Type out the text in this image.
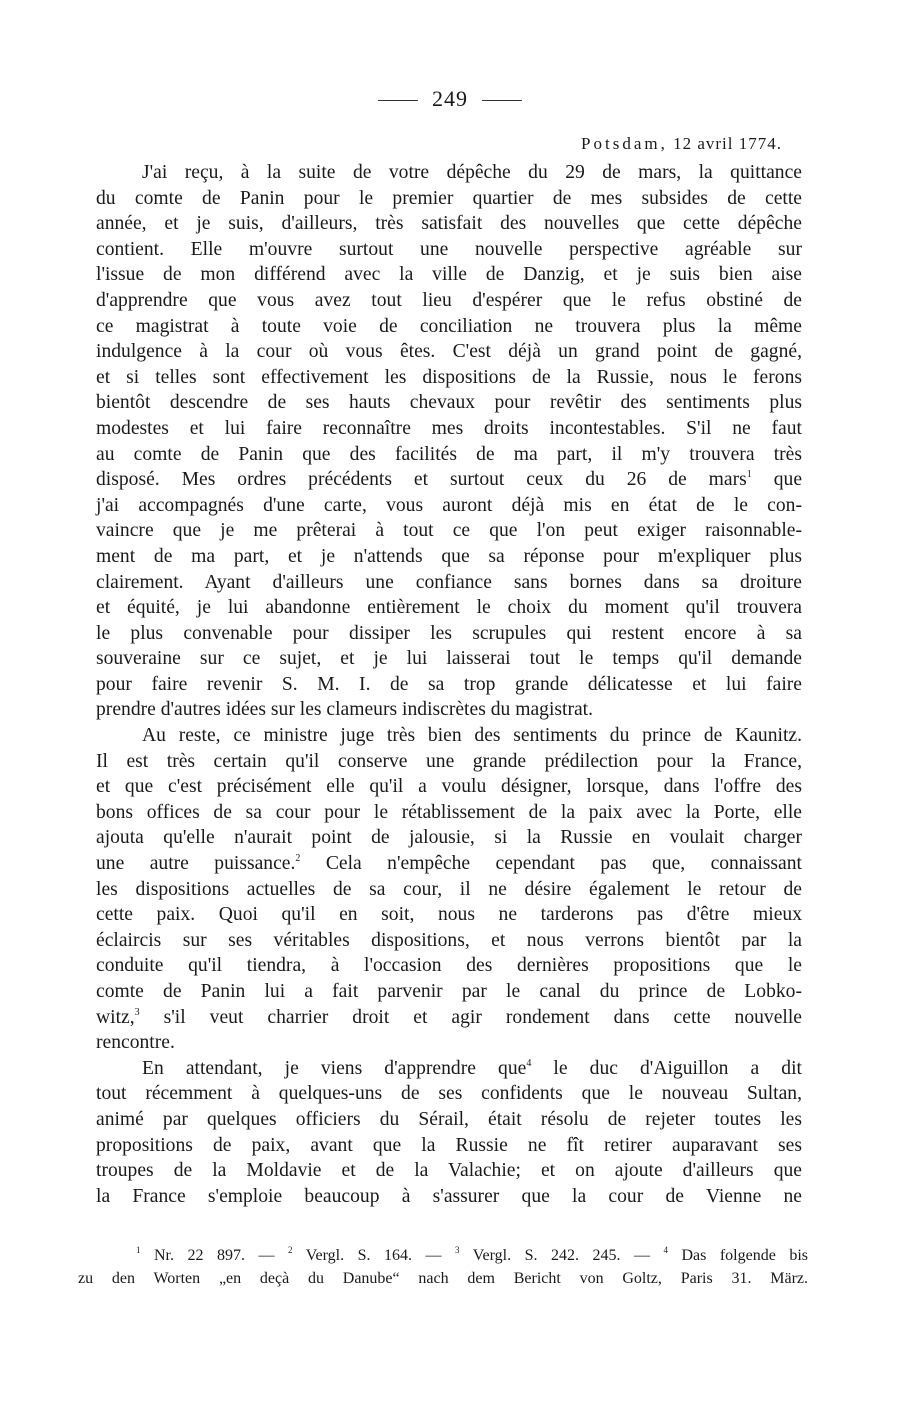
249
Potsdam, 12 avril 1774.

J'ai reçu, à la suite de votre dépêche du 29 de mars, la quittance
du comte de Panin pour le premier quartier de mes subsides de cette
année, et je suis, d'ailleurs, très satisfait des nouvelles que cette dépêche
contient. Elle m'ouvre surtout une nouvelle perspective agréable sur
l'issue de mon différend avec la ville de Danzig, et je suis bien aise
d'apprendre que vous avez tout lieu d'espérer que le refus obstiné de
ce magistrat à toute voie de conciliation ne trouvera plus la même
indulgence à la cour où vous êtes. C'est déjà un grand point de gagné,
et si telles sont effectivement les dispositions de la Russie, nous le ferons
bientôt descendre de ses hauts chevaux pour revêtir des sentiments plus
modestes et lui faire reconnaître mes droits incontestables. S'il ne faut
au comte de Panin que des facilités de ma part, il m'y trouvera très
disposé. Mes ordres précédents et surtout ceux du 26 de mars$^1$ que
j'ai accompagnés d'une carte, vous auront déjà mis en état de le con-
vaincre que je me prêterai à tout ce que l'on peut exiger raisonnable-
ment de ma part, et je n'attends que sa réponse pour m'expliquer plus
clairement. Ayant d'ailleurs une confiance sans bornes dans sa droiture
et équité, je lui abandonne entièrement le choix du moment qu'il trouvera
le plus convenable pour dissiper les scrupules qui restent encore à sa
souveraine sur ce sujet, et je lui laisserai tout le temps qu'il demande
pour faire revenir S. M. I. de sa trop grande délicatesse et lui faire
prendre d'autres idées sur les clameurs indiscrètes du magistrat.

Au reste, ce ministre juge très bien des sentiments du prince de Kaunitz.
Il est très certain qu'il conserve une grande prédilection pour la France,
et que c'est précisément elle qu'il a voulu désigner, lorsque, dans l'offre des
bons offices de sa cour pour le rétablissement de la paix avec la Porte, elle
ajouta qu'elle n'aurait point de jalousie, si la Russie en voulait charger
une autre puissance.$^2$ Cela n'empêche cependant pas que, connaissant
les dispositions actuelles de sa cour, il ne désire également le retour de
cette paix. Quoi qu'il en soit, nous ne tarderons pas d'être mieux
éclaircis sur ses véritables dispositions, et nous verrons bientôt par la
conduite qu'il tiendra, à l'occasion des dernières propositions que le
comte de Panin lui a fait parvenir par le canal du prince de Lobko-
witz,$^3$ s'il veut charrier droit et agir rondement dans cette nouvelle
rencontre.

En attendant, je viens d'apprendre que$^4$ le duc d'Aiguillon a dit
tout récemment à quelques-uns de ses confidents que le nouveau Sultan,
animé par quelques officiers du Sérail, était résolu de rejeter toutes les
propositions de paix, avant que la Russie ne fît retirer auparavant ses
troupes de la Moldavie et de la Valachie; et on ajoute d'ailleurs que
la France s'emploie beaucoup à s'assurer que la cour de Vienne ne

$^1$ Nr. 22 897. — $^2$ Vergl. S. 164. — $^3$ Vergl. S. 242. 245. — $^4$ Das folgende bis
zu den Worten „en deçà du Danube“ nach dem Bericht von Goltz, Paris 31. März.
